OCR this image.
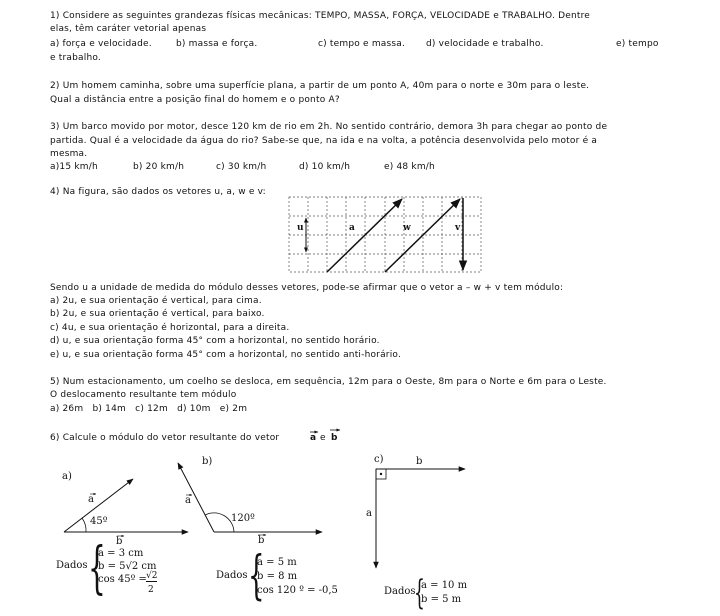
1) Considere as seguintes grandezas físicas mecânicas: TEMPO, MASSA, FORÇA, VELOCIDADE e TRABALHO. Dentre
elas, têm caráter vetorial apenas
a) força e velocidade.	b) massa e força.	c) tempo e massa. d) velocidade e trabalho.	e) tempo
e trabalho.
2) Um homem caminha, sobre uma superfície plana, a partir de um ponto A, 40m para o norte e 30m para o leste.
Qual a distância entre a posição final do homem e o ponto A?
3) Um barco movido por motor, desce 120 km de rio em 2h. No sentido contrário, demora 3h para chegar ao ponto de
partida. Qual é a velocidade da água do rio? Sabe-se que, na ida e na volta, a potência desenvolvida pelo motor é a
mesma.
a)15 km/h	b) 20 km/h	c) 30 km/h	d) 10 km/h	e) 48 km/h
4) Na figura, são dados os vetores u, a, w e v:
u	a	w	v
Sendo u a unidade de medida do módulo desses vetores, pode-se afirmar que o vetor a – w + v tem módulo:
a) 2u, e sua orientação é vertical, para cima.
b) 2u, e sua orientação é vertical, para baixo.
c) 4u, e sua orientação é horizontal, para a direita.
d) u, e sua orientação forma 45° com a horizontal, no sentido horário.
e) u, e sua orientação forma 45° com a horizontal, no sentido anti-horário.
5) Num estacionamento, um coelho se desloca, em sequência, 12m para o Oeste, 8m para o Norte e 6m para o Leste.
O deslocamento resultante tem módulo
a) 26m   b) 14m   c) 12m   d) 10m   e) 2m
6) Calcule o módulo do vetor resultante do vetor	a e b
a)
a
45º
b
Dados {
a = 3 cm
b = 5√2 cm
cos 45º = √2
2
b)
a
120º
b
Dados {
a = 5 m
b = 8 m
cos 120 º = -0,5
c)	b
a
Dados
{
a = 10 m
b = 5 m
